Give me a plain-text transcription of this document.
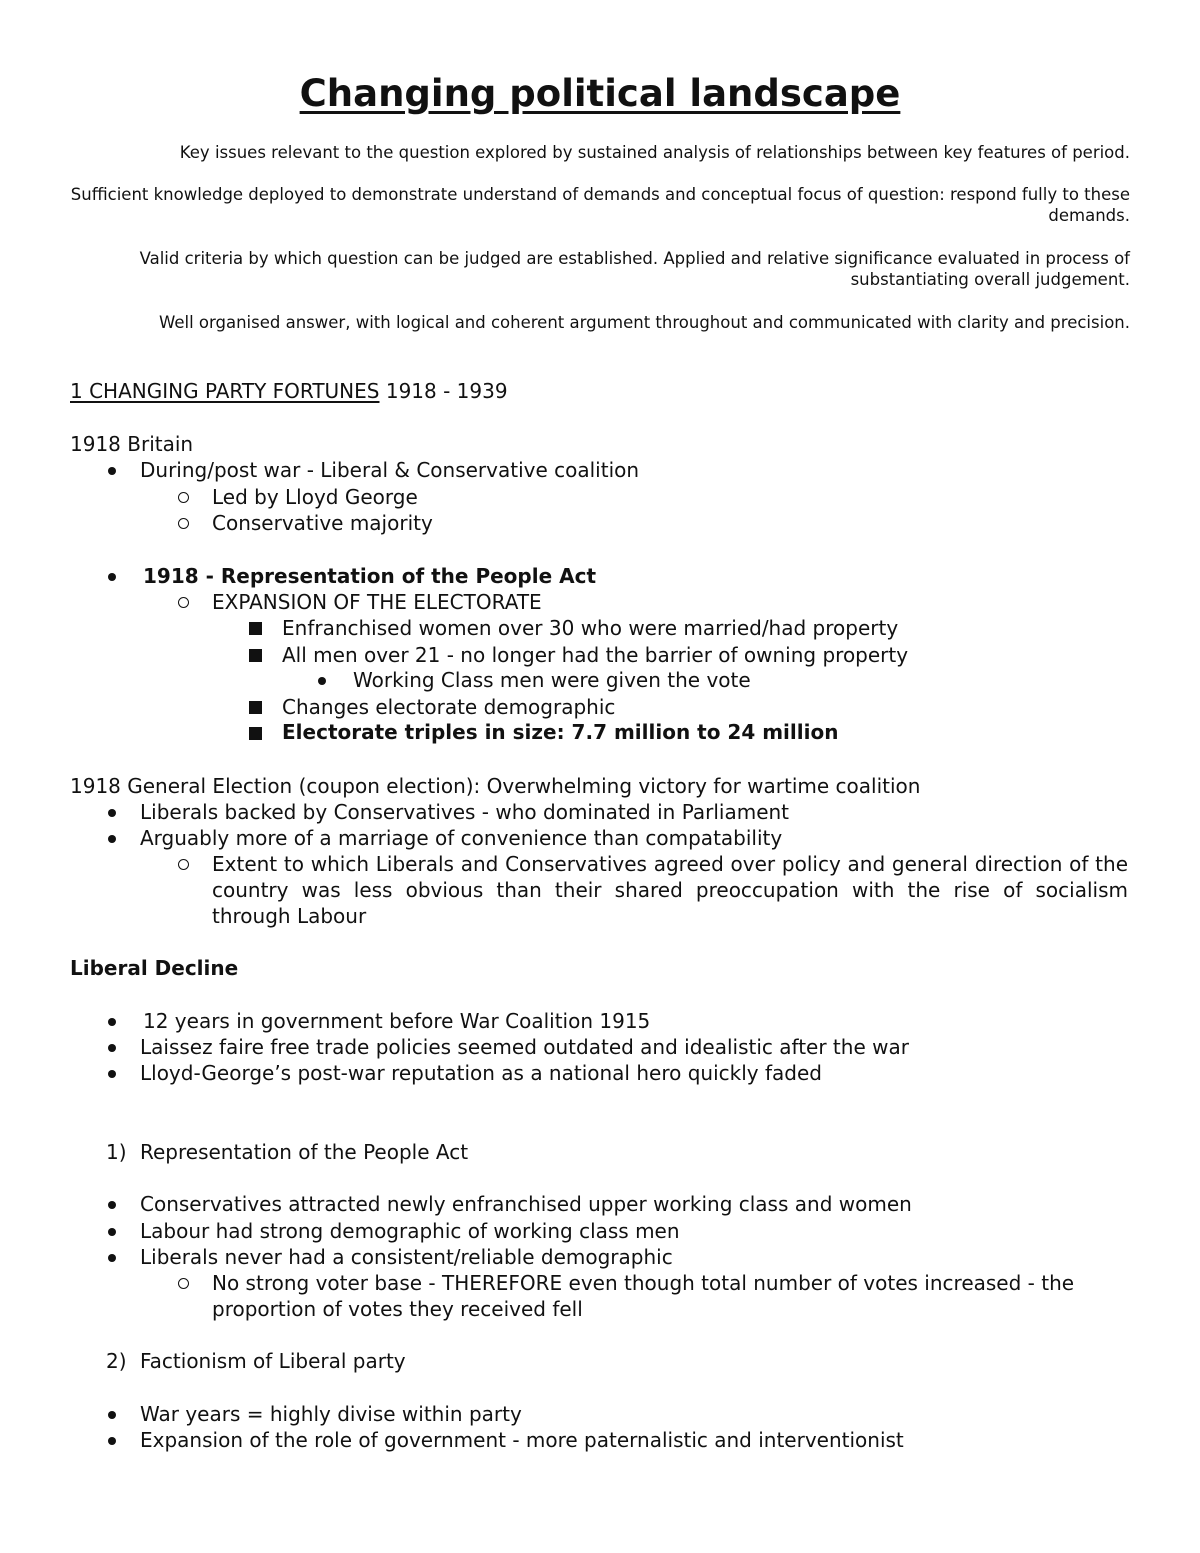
Changing political landscape

Key issues relevant to the question explored by sustained analysis of relationships between key features of period.

Sufficient knowledge deployed to demonstrate understand of demands and conceptual focus of question: respond fully to these demands.

Valid criteria by which question can be judged are established. Applied and relative significance evaluated in process of substantiating overall judgement.

Well organised answer, with logical and coherent argument throughout and communicated with clarity and precision.

1 CHANGING PARTY FORTUNES 1918 - 1939

1918 Britain

During/post war - Liberal & Conservative coalition

Led by Lloyd George

Conservative majority

1918 - Representation of the People Act

EXPANSION OF THE ELECTORATE

Enfranchised women over 30 who were married/had property

All men over 21 - no longer had the barrier of owning property

Working Class men were given the vote

Changes electorate demographic

Electorate triples in size: 7.7 million to 24 million

1918 General Election (coupon election): Overwhelming victory for wartime coalition

Liberals backed by Conservatives - who dominated in Parliament

Arguably more of a marriage of convenience than compatability

Extent to which Liberals and Conservatives agreed over policy and general direction of the country was less obvious than their shared preoccupation with the rise of socialism through Labour

Liberal Decline

12 years in government before War Coalition 1915

Laissez faire free trade policies seemed outdated and idealistic after the war

Lloyd-George’s post-war reputation as a national hero quickly faded

1) Representation of the People Act

Conservatives attracted newly enfranchised upper working class and women

Labour had strong demographic of working class men

Liberals never had a consistent/reliable demographic

No strong voter base - THEREFORE even though total number of votes increased - the proportion of votes they received fell

2) Factionism of Liberal party

War years = highly divise within party

Expansion of the role of government - more paternalistic and interventionist
